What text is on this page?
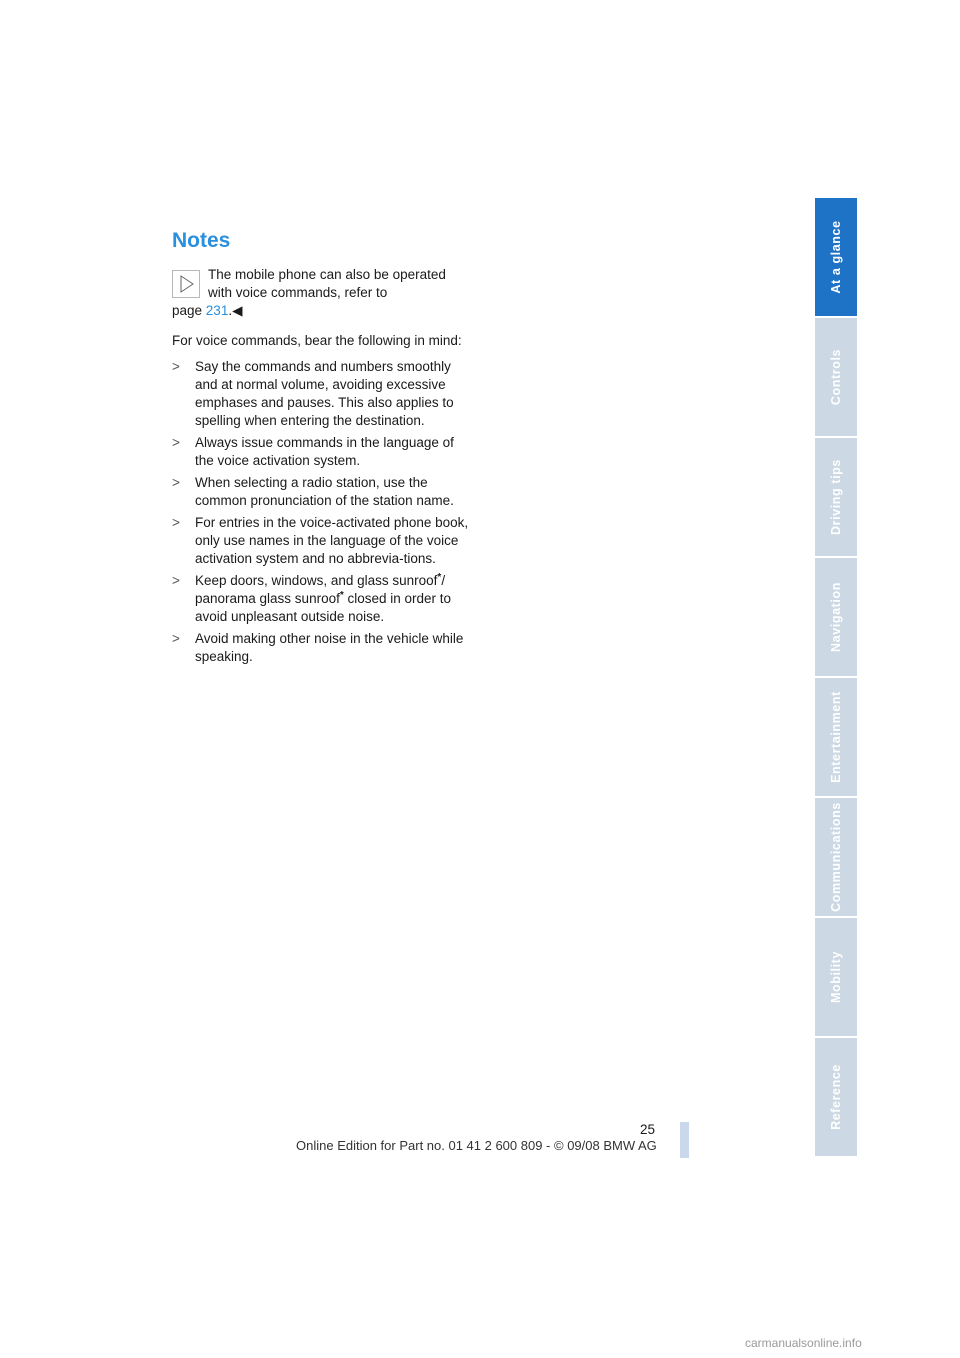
Notes

The mobile phone can also be operated

with voice commands, refer to

page 231.◀

For voice commands, bear the following in mind:

> Say the commands and numbers smoothly and at normal volume, avoiding excessive emphases and pauses. This also applies to spelling when entering the destination.
> Always issue commands in the language of the voice activation system.
> When selecting a radio station, use the common pronunciation of the station name.
> For entries in the voice-activated phone book, only use names in the language of the voice activation system and no abbrevia-tions.
> Keep doors, windows, and glass sunroof*/ panorama glass sunroof* closed in order to avoid unpleasant outside noise.
> Avoid making other noise in the vehicle while speaking.
At a glance
Controls
Driving tips
Navigation
Entertainment
Communications
Mobility
Reference
25
Online Edition for Part no. 01 41 2 600 809 - © 09/08 BMW AG
carmanualsonline.info
